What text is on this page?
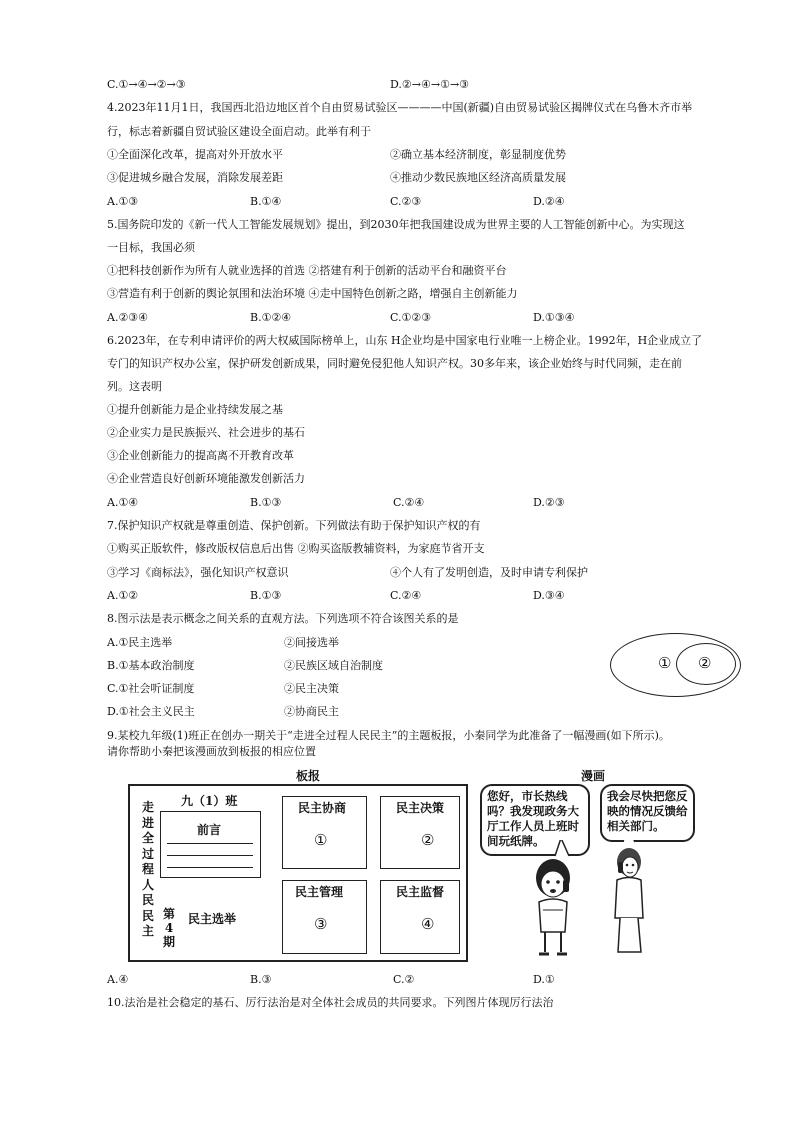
C.①→④→②→③	D.②→④→①→③
4.2023年11月1日，我国西北沿边地区首个自由贸易试验区————中国(新疆)自由贸易试验区揭牌仪式在乌鲁木齐市举
行，标志着新疆自贸试验区建设全面启动。此举有利于
①全面深化改革，提高对外开放水平	②确立基本经济制度，彰显制度优势
③促进城乡融合发展，消除发展差距	④推动少数民族地区经济高质量发展
A.①③	B.①④	C.②③	D.②④
5.国务院印发的《新一代人工智能发展规划》提出，到2030年把我国建设成为世界主要的人工智能创新中心。为实现这
一目标，我国必须
①把科技创新作为所有人就业选择的首选 ②搭建有利于创新的活动平台和融资平台
③营造有利于创新的舆论氛围和法治环境 ④走中国特色创新之路，增强自主创新能力
A.②③④	B.①②④	C.①②③	D.①③④
6.2023年，在专利申请评价的两大权威国际榜单上，山东 H企业均是中国家电行业唯一上榜企业。1992年，H企业成立了
专门的知识产权办公室，保护研发创新成果，同时避免侵犯他人知识产权。30多年来，该企业始终与时代同频，走在前
列。这表明
①提升创新能力是企业持续发展之基
②企业实力是民族振兴、社会进步的基石
③企业创新能力的提高离不开教育改革
④企业营造良好创新环境能激发创新活力
A.①④	B.①③	C.②④	D.②③
7.保护知识产权就是尊重创造、保护创新。下列做法有助于保护知识产权的有
①购买正版软件，修改版权信息后出售 ②购买盗版教辅资料，为家庭节省开支
③学习《商标法》，强化知识产权意识	④个人有了发明创造，及时申请专利保护
A.①②	B.①③	C.②④	D.③④
8.图示法是表示概念之间关系的直观方法。下列选项不符合该图关系的是
A.①民主选举	②间接选举
B.①基本政治制度	②民族区域自治制度
C.①社会听证制度	②民主决策
D.①社会主义民主	②协商民主
① ②
9.某校九年级(1)班正在创办一期关于“走进全过程人民民主”的主题板报，小秦同学为此准备了一幅漫画(如下所示)。
请你帮助小秦把该漫画放到板报的相应位置
板报	漫画
九（1）班
走进全过程人民民主
前言
第4期
民主选举
民主协商
①
民主决策
②
民主管理
③
民主监督
④
您好，市长热线吗？我发现政务大厅工作人员上班时间玩纸牌。
我会尽快把您反映的情况反馈给相关部门。
A.④	B.③	C.②	D.①
10.法治是社会稳定的基石、厉行法治是对全体社会成员的共同要求。下列图片体现厉行法治
